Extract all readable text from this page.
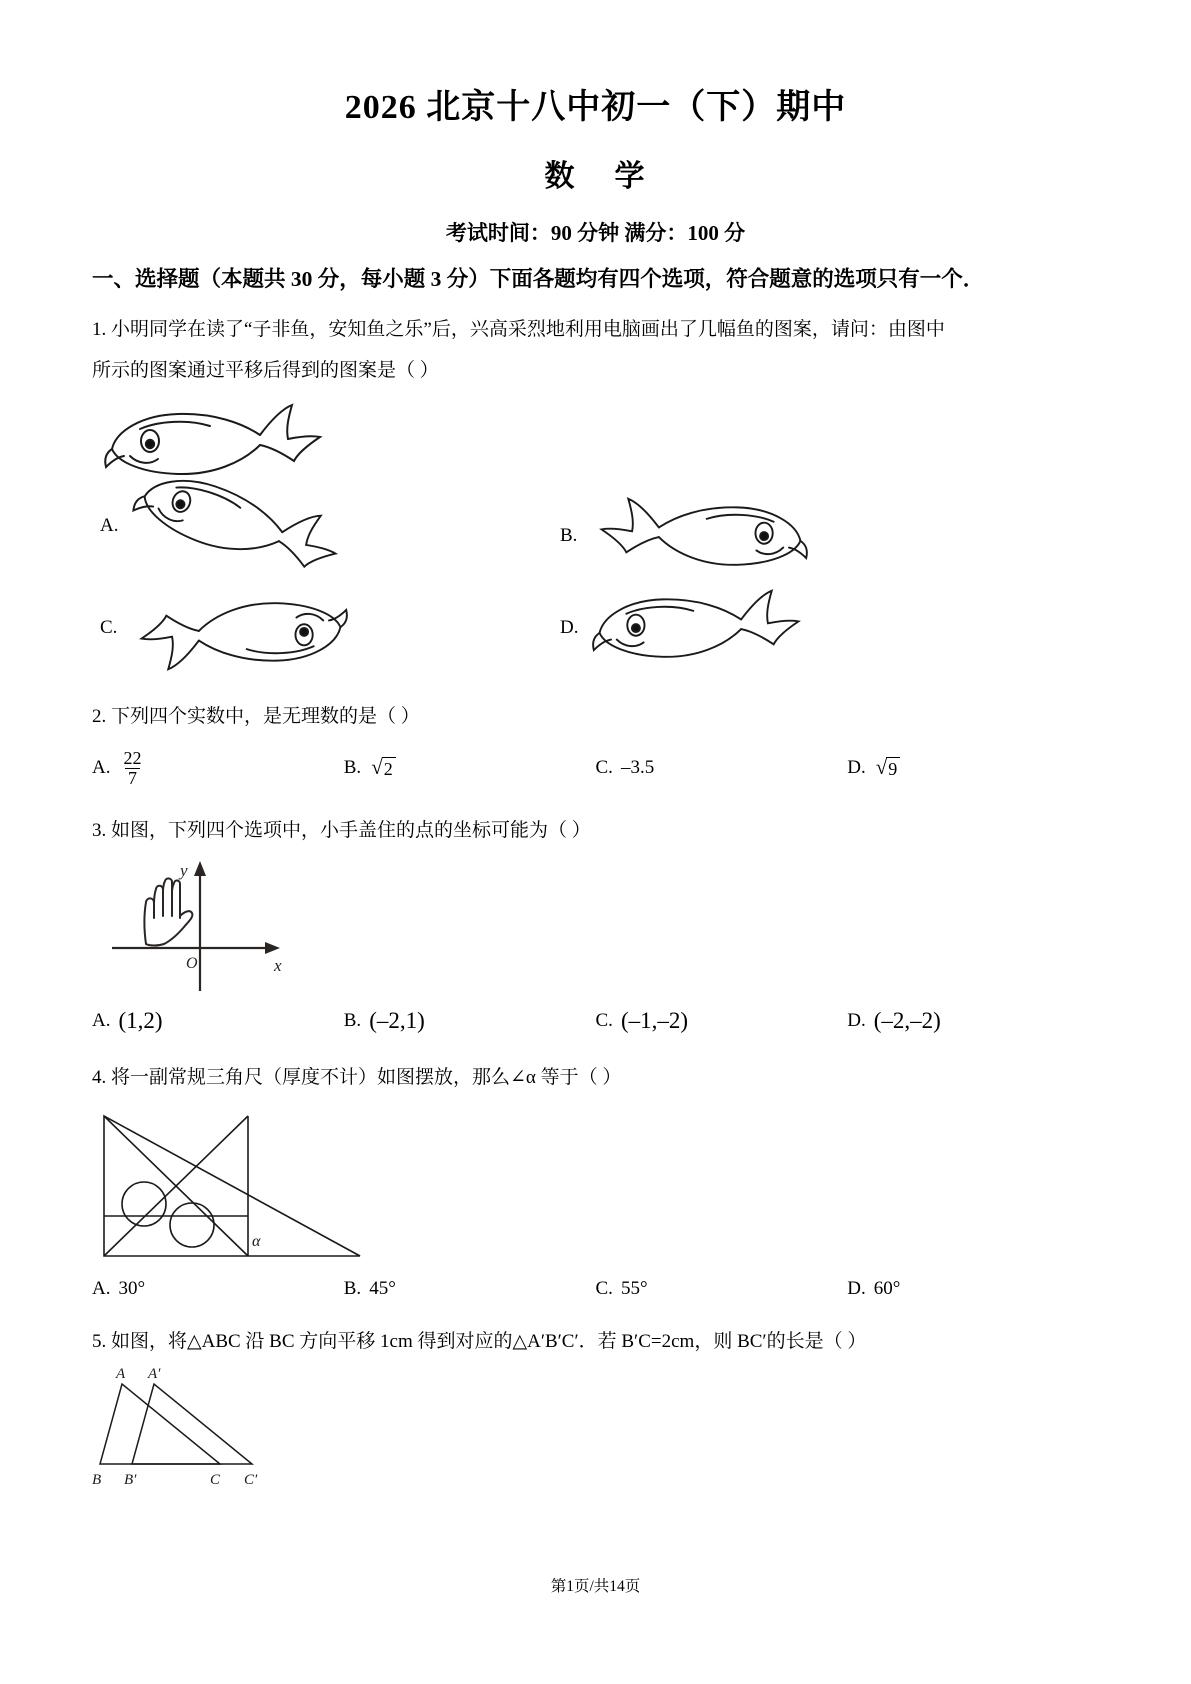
2026 北京十八中初一（下）期中
数 学
考试时间：90 分钟 满分：100 分
一、选择题（本题共 30 分，每小题 3 分）下面各题均有四个选项，符合题意的选项只有一个．
1. 小明同学在读了“子非鱼，安知鱼之乐”后，兴高采烈地利用电脑画出了几幅鱼的图案，请问：由图中
所示的图案通过平移后得到的图案是（ ）
A.	B.
C.	D.
2. 下列四个实数中，是无理数的是（ ）
A. $\frac{22}{7}$	B. √ 2	C. –3.5	D. √ 9
3. 如图，下列四个选项中，小手盖住的点的坐标可能为（ ）
y
x
O
A. (1,2)	B. (–2,1)	C. (–1,–2)	D. (–2,–2)
4. 将一副常规三角尺（厚度不计）如图摆放，那么∠α 等于（ ）
α
A. 30°	B. 45°	C. 55°	D. 60°
5. 如图，将△ABC 沿 BC 方向平移 1cm 得到对应的△A′B′C′．若 B′C=2cm，则 BC′的长是（ ）
A A′
B B′	C C′
第1页/共14页
